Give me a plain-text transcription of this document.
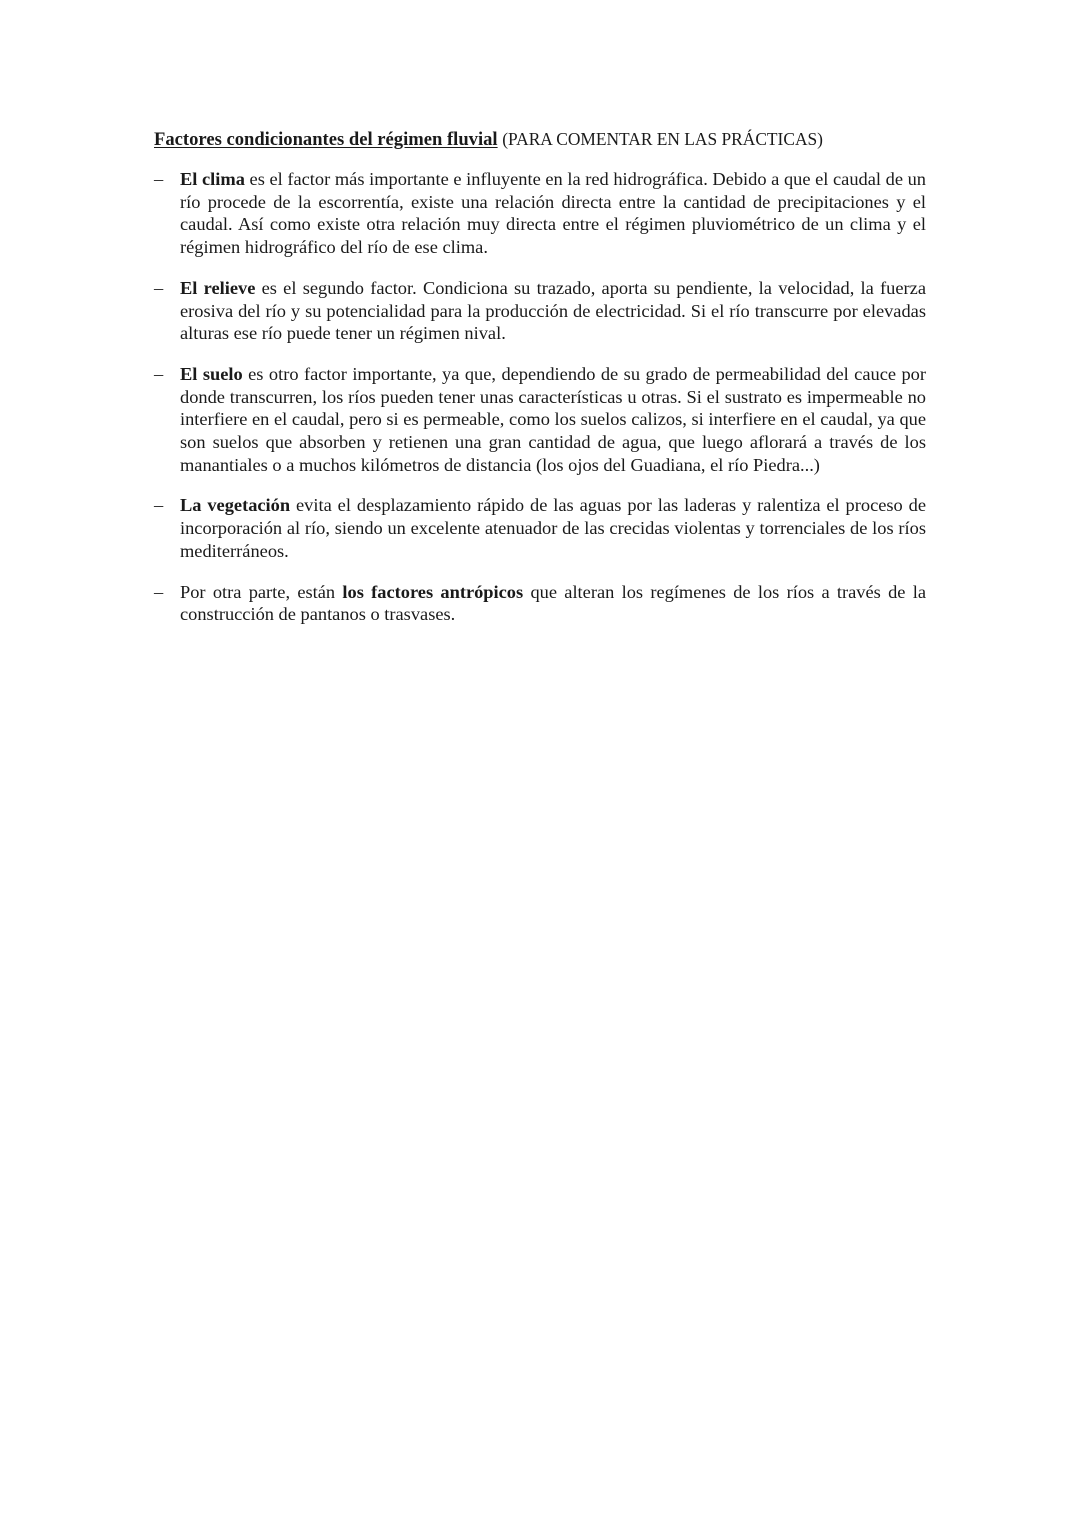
Factores condicionantes del régimen fluvial (PARA COMENTAR EN LAS PRÁCTICAS)

– El clima es el factor más importante e influyente en la red hidrográfica. Debido a que el caudal de un río procede de la escorrentía, existe una relación directa entre la cantidad de precipitaciones y el caudal. Así como existe otra relación muy directa entre el régimen pluviométrico de un clima y el régimen hidrográfico del río de ese clima.
– El relieve es el segundo factor. Condiciona su trazado, aporta su pendiente, la velocidad, la fuerza erosiva del río y su potencialidad para la producción de electricidad. Si el río transcurre por elevadas alturas ese río puede tener un régimen nival.
– El suelo es otro factor importante, ya que, dependiendo de su grado de permeabilidad del cauce por donde transcurren, los ríos pueden tener unas características u otras. Si el sustrato es impermeable no interfiere en el caudal, pero si es permeable, como los suelos calizos, si interfiere en el caudal, ya que son suelos que absorben y retienen una gran cantidad de agua, que luego aflorará a través de los manantiales o a muchos kilómetros de distancia (los ojos del Guadiana, el río Piedra...)
– La vegetación evita el desplazamiento rápido de las aguas por las laderas y ralentiza el proceso de incorporación al río, siendo un excelente atenuador de las crecidas violentas y torrenciales de los ríos mediterráneos.
– Por otra parte, están los factores antrópicos que alteran los regímenes de los ríos a través de la construcción de pantanos o trasvases.
